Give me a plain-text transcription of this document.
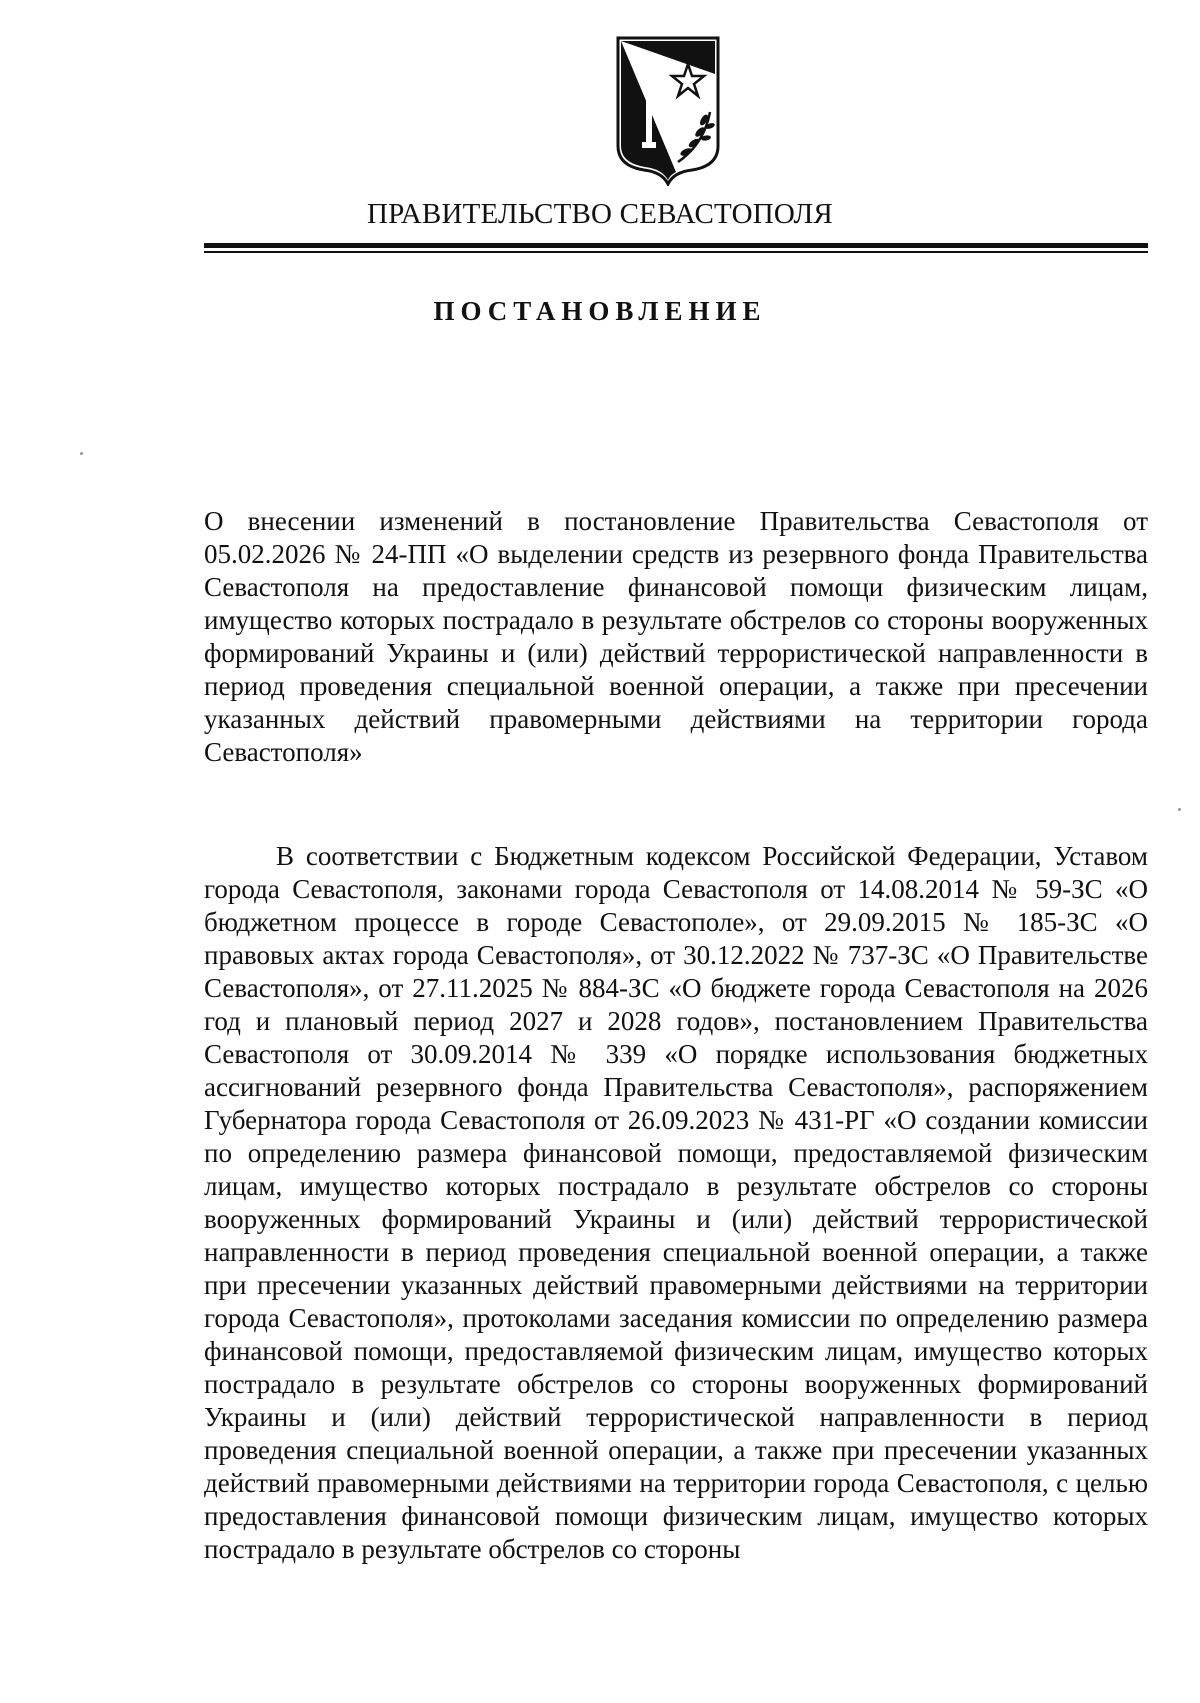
ПРАВИТЕЛЬСТВО СЕВАСТОПОЛЯ
ПОСТАНОВЛЕНИЕ
О внесении изменений в постановление Правительства Севастополя от 05.02.2026 № 24-ПП «О выделении средств из резервного фонда Правительства Севастополя на предоставление финансовой помощи физическим лицам, имущество которых пострадало в результате обстрелов со стороны вооруженных формирований Украины и (или) действий террористической направленности в период проведения специальной военной операции, а также при пресечении указанных действий правомерными действиями на территории города Севастополя»
В соответствии с Бюджетным кодексом Российской Федерации, Уставом города Севастополя, законами города Севастополя от 14.08.2014 № 59-ЗС «О бюджетном процессе в городе Севастополе», от 29.09.2015 № 185-ЗС «О правовых актах города Севастополя», от 30.12.2022 № 737-ЗС «О Правительстве Севастополя», от 27.11.2025 № 884-ЗС «О бюджете города Севастополя на 2026 год и плановый период 2027 и 2028 годов», постановлением Правительства Севастополя от 30.09.2014 № 339 «О порядке использования бюджетных ассигнований резервного фонда Правительства Севастополя», распоряжением Губернатора города Севастополя от 26.09.2023 № 431-РГ «О создании комиссии по определению размера финансовой помощи, предоставляемой физическим лицам, имущество которых пострадало в результате обстрелов со стороны вооруженных формирований Украины и (или) действий террористической направленности в период проведения специальной военной операции, а также при пресечении указанных действий правомерными действиями на территории города Севастополя», протоколами заседания комиссии по определению размера финансовой помощи, предоставляемой физическим лицам, имущество которых пострадало в результате обстрелов со стороны вооруженных формирований Украины и (или) действий террористической направленности в период проведения специальной военной операции, а также при пресечении указанных действий правомерными действиями на территории города Севастополя, с целью предоставления финансовой помощи физическим лицам, имущество которых пострадало в результате обстрелов со стороны
